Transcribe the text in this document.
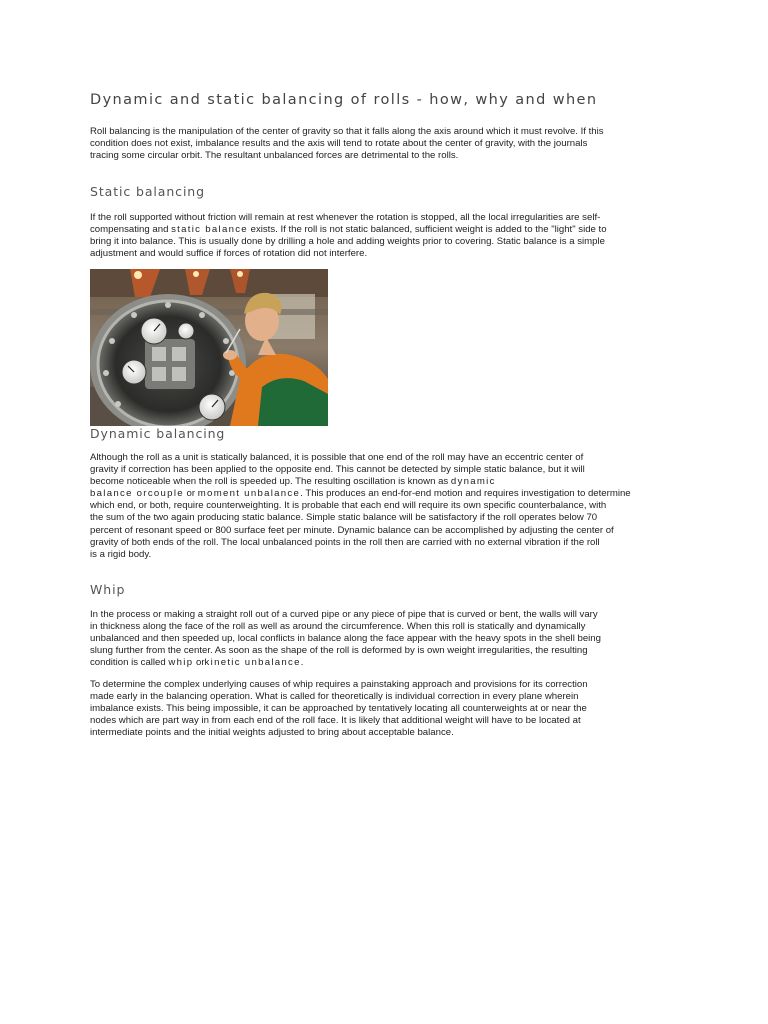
Dynamic and static balancing of rolls - how, why and when

Roll balancing is the manipulation of the center of gravity so that it falls along the axis around which it must revolve. If this
condition does not exist, imbalance results and the axis will tend to rotate about the center of gravity, with the journals
tracing some circular orbit. The resultant unbalanced forces are detrimental to the rolls.

Static balancing

If the roll supported without friction will remain at rest whenever the rotation is stopped, all the local irregularities are self-
compensating and static balance exists. If the roll is not static balanced, sufficient weight is added to the "light" side to
bring it into balance. This is usually done by drilling a hole and adding weights prior to covering. Static balance is a simple
adjustment and would suffice if forces of rotation did not interfere.

Dynamic balancing

Although the roll as a unit is statically balanced, it is possible that one end of the roll may have an eccentric center of
gravity if correction has been applied to the opposite end. This cannot be detected by simple static balance, but it will
become noticeable when the roll is speeded up. The resulting oscillation is known as dynamic
balance orcouple or moment unbalance. This produces an end-for-end motion and requires investigation to determine
which end, or both, require counterweighting. It is probable that each end will require its own specific counterbalance, with
the sum of the two again producing static balance. Simple static balance will be satisfactory if the roll operates below 70
percent of resonant speed or 800 surface feet per minute. Dynamic balance can be accomplished by adjusting the center of
gravity of both ends of the roll. The local unbalanced points in the roll then are carried with no external vibration if the roll
is a rigid body.

Whip

In the process or making a straight roll out of a curved pipe or any piece of pipe that is curved or bent, the walls will vary
in thickness along the face of the roll as well as around the circumference. When this roll is statically and dynamically
unbalanced and then speeded up, local conflicts in balance along the face appear with the heavy spots in the shell being
slung further from the center. As soon as the shape of the roll is deformed by is own weight irregularities, the resulting
condition is called whip orkinetic unbalance.

To determine the complex underlying causes of whip requires a painstaking approach and provisions for its correction
made early in the balancing operation. What is called for theoretically is individual correction in every plane wherein
imbalance exists. This being impossible, it can be approached by tentatively locating all counterweights at or near the
nodes which are part way in from each end of the roll face. It is likely that additional weight will have to be located at
intermediate points and the initial weights adjusted to bring about acceptable balance.
